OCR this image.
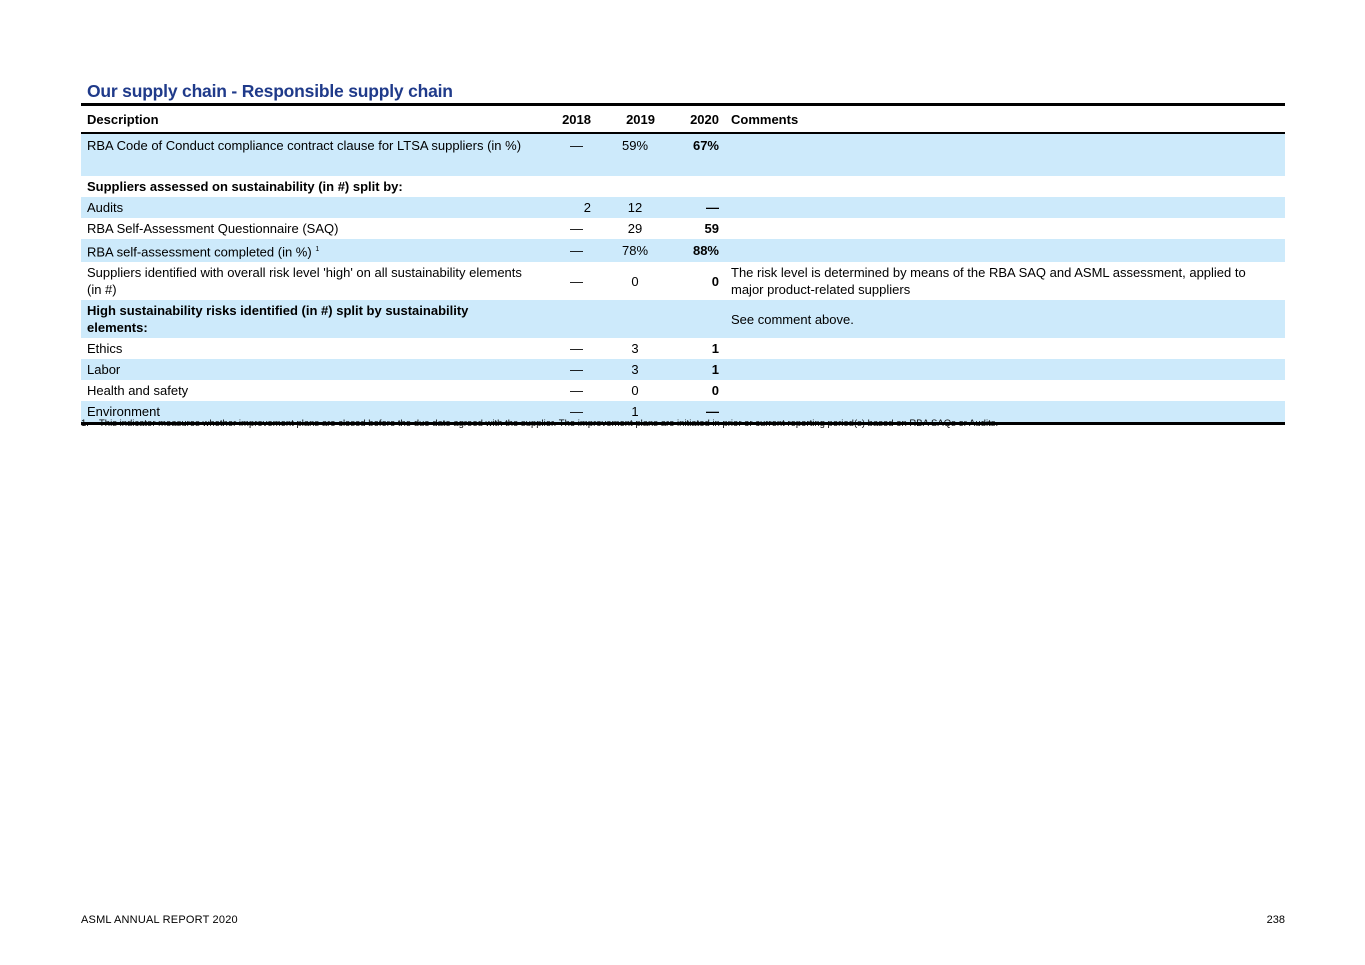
Our supply chain - Responsible supply chain
Description	2018	2019	2020	Comments
RBA Code of Conduct compliance contract clause for LTSA suppliers (in %)	—	59%	67%	
Suppliers assessed on sustainability (in #) split by:				
Audits	2	12	—	
RBA Self-Assessment Questionnaire (SAQ)	—	29	59	
RBA self-assessment completed (in %) $^1$	—	78%	88%	
Suppliers identified with overall risk level 'high' on all sustainability elements (in #)	—	0	0	The risk level is determined by means of the RBA SAQ and ASML assessment, applied to major product-related suppliers
High sustainability risks identified (in #) split by sustainability elements:				See comment above.
Ethics	—	3	1	
Labor	—	3	1	
Health and safety	—	0	0	
Environment	—	1	—	
1. This indicator measures whether improvement plans are closed before the due date agreed with the supplier. The improvement plans are initiated in prior or current reporting period(s) based on RBA SAQs or Audits.
ASML ANNUAL REPORT 2020	238
